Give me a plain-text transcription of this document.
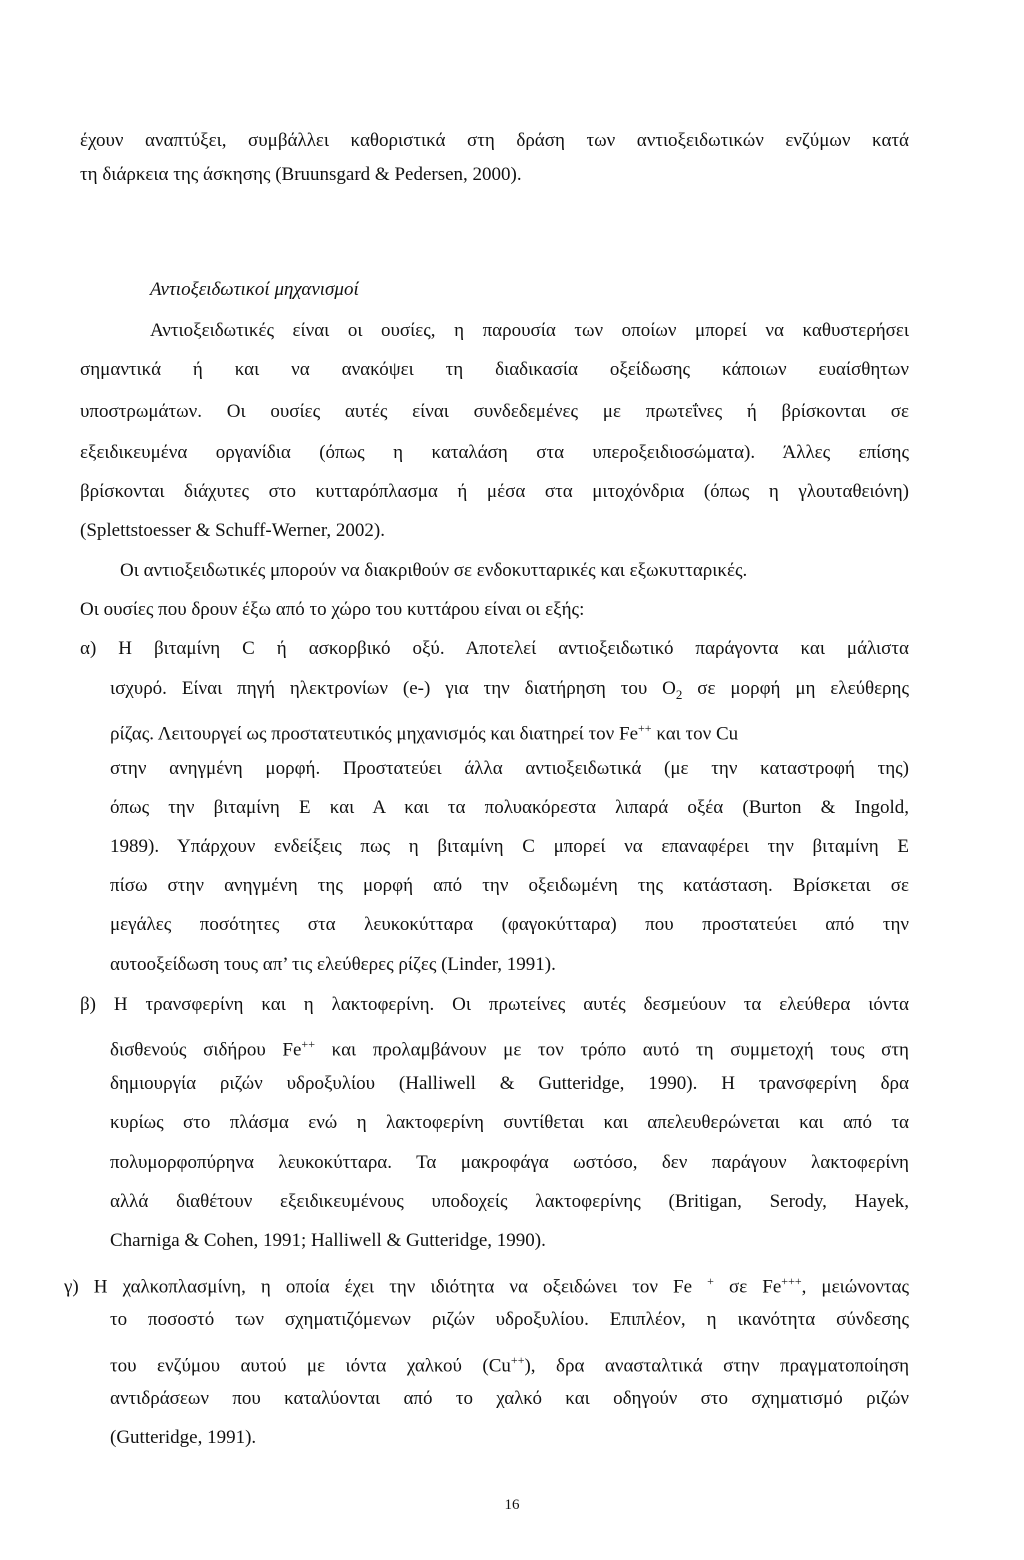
έχουν αναπτύξει, συμβάλλει καθοριστικά στη δράση των αντιοξειδωτικών ενζύμων κατά

τη διάρκεια της άσκησης (Bruunsgard & Pedersen, 2000).

Αντιοξειδωτικοί μηχανισμοί

Αντιοξειδωτικές είναι οι ουσίες, η παρουσία των οποίων μπορεί να καθυστερήσει

σημαντικά ή και να ανακόψει τη διαδικασία οξείδωσης κάποιων ευαίσθητων

υποστρωμάτων. Οι ουσίες αυτές είναι συνδεδεμένες με πρωτεΐνες ή βρίσκονται σε

εξειδικευμένα οργανίδια (όπως η καταλάση στα υπεροξειδιοσώματα). Άλλες επίσης

βρίσκονται διάχυτες στο κυτταρόπλασμα ή μέσα στα μιτοχόνδρια (όπως η γλουταθειόνη)

(Splettstoesser & Schuff-Werner, 2002).

Οι αντιοξειδωτικές μπορούν να διακριθούν σε ενδοκυτταρικές και εξωκυτταρικές.

Οι ουσίες που δρουν έξω από το χώρο του κυττάρου είναι οι εξής:

α) Η βιταμίνη C ή ασκορβικό οξύ. Αποτελεί αντιοξειδωτικό παράγοντα και μάλιστα

ισχυρό. Είναι πηγή ηλεκτρονίων (e-) για την διατήρηση του $O_2$ σε μορφή μη ελεύθερης

ρίζας. Λειτουργεί ως προστατευτικός μηχανισμός και διατηρεί τον Fe++ και τον Cu

στην ανηγμένη μορφή. Προστατεύει άλλα αντιοξειδωτικά (με την καταστροφή της)

όπως την βιταμίνη Ε και Α και τα πολυακόρεστα λιπαρά οξέα (Burton & Ingold,

1989). Υπάρχουν ενδείξεις πως η βιταμίνη C μπορεί να επαναφέρει την βιταμίνη Ε

πίσω στην ανηγμένη της μορφή από την οξειδωμένη της κατάσταση. Βρίσκεται σε

μεγάλες ποσότητες στα λευκοκύτταρα (φαγοκύτταρα) που προστατεύει από την

αυτοοξείδωση τους απ’ τις ελεύθερες ρίζες (Linder, 1991).

β) Η τρανσφερίνη και η λακτοφερίνη. Οι πρωτείνες αυτές δεσμεύουν τα ελεύθερα ιόντα

δισθενούς σιδήρου Fe++ και προλαμβάνουν με τον τρόπο αυτό τη συμμετοχή τους στη

δημιουργία ριζών υδροξυλίου (Halliwell & Gutteridge, 1990). Η τρανσφερίνη δρα

κυρίως στο πλάσμα ενώ η λακτοφερίνη συντίθεται και απελευθερώνεται και από τα

πολυμορφοπύρηνα λευκοκύτταρα. Τα μακροφάγα ωστόσο, δεν παράγουν λακτοφερίνη

αλλά διαθέτουν εξειδικευμένους υποδοχείς λακτοφερίνης (Britigan, Serody, Hayek,

Charniga & Cohen, 1991; Halliwell & Gutteridge, 1990).

γ) Η χαλκοπλασμίνη, η οποία έχει την ιδιότητα να οξειδώνει τον Fe + σε Fe+++, μειώνοντας

το ποσοστό των σχηματιζόμενων ριζών υδροξυλίου. Επιπλέον, η ικανότητα σύνδεσης

του ενζύμου αυτού με ιόντα χαλκού (Cu++), δρα ανασταλτικά στην πραγματοποίηση

αντιδράσεων που καταλύονται από το χαλκό και οδηγούν στο σχηματισμό ριζών

(Gutteridge, 1991).

16
